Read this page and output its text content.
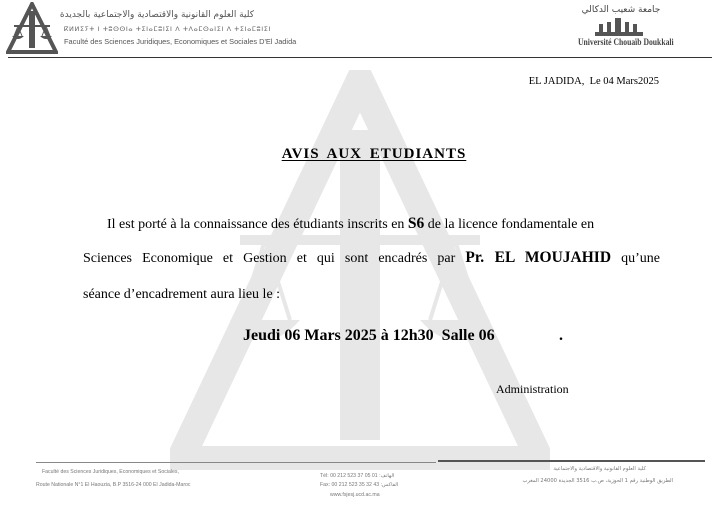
كلية العلوم القانونية والاقتصادية والاجتماعية بالجديدة
ⴽⵍⵍⵉⵢⵜ ⵏ ⵜⵓⵙⵙⵏⴰ ⵜⵉⵏⴰⵎⵓⵏⵉⵏ ⴷ ⵜⴷⴰⵎⵙⴰⵏⵉⵏ ⴷ ⵜⵉⵏⴰⵎⵓⵏⵉⵏ
Faculté des Sciences Juridiques, Economiques et Sociales D'El Jadida
جامعة شعيب الدكالي
Université Chouaïb Doukkali
EL JADIDA,  Le 04 Mars2025
AVIS AUX ETUDIANTS
Il est porté à la connaissance des étudiants inscrits en S6 de la licence fondamentale en
Sciences Economique et Gestion et qui sont encadrés par Pr. EL MOUJAHID qu’une
séance d’encadrement aura lieu le :
Jeudi 06 Mars 2025 à 12h30  Salle 06	.
Administration
Faculté des Sciences Juridiques, Economiques et Sociales,
Route Nationale N°1 El Haouzia, B.P 3516-24 000 El Jadida-Maroc
Tél: 00 212 523 37 05 01 :الهاتف
Fax: 00 212 523 35 32 43 :الفاكس
www.fsjesj.ucd.ac.ma
كلية العلوم القانونية والاقتصادية والاجتماعية
الطريق الوطنية رقم 1 الحوزية، ص.ب 3516 الجديدة 24000 المغرب
